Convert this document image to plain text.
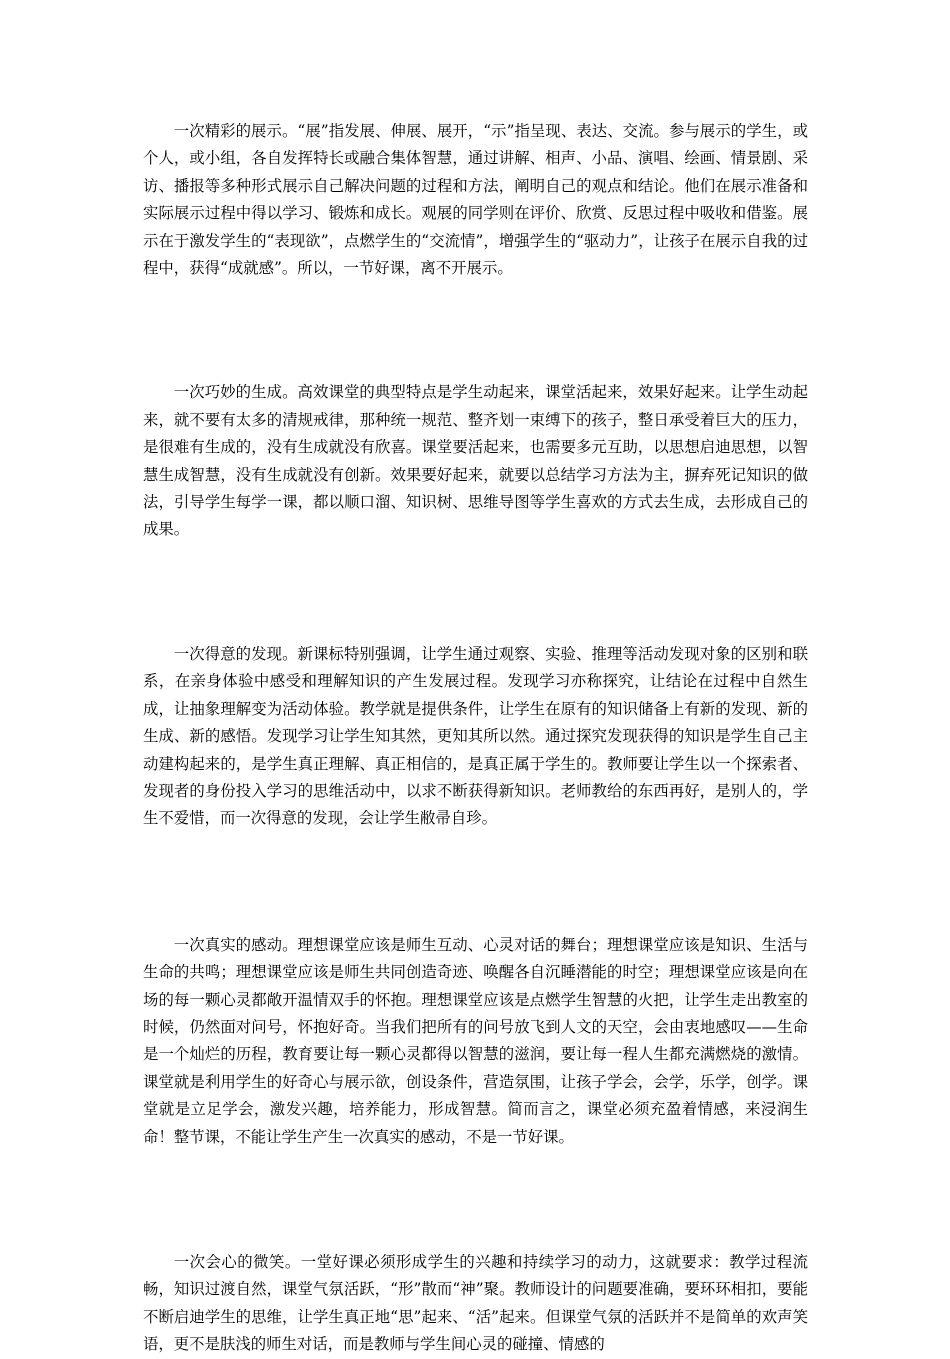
一次精彩的展示。“展”指发展、伸展、展开，“示”指呈现、表达、交流。参与展示的学生，或个人，或小组，各自发挥特长或融合集体智慧，通过讲解、相声、小品、演唱、绘画、情景剧、采访、播报等多种形式展示自己解决问题的过程和方法，阐明自己的观点和结论。他们在展示准备和实际展示过程中得以学习、锻炼和成长。观展的同学则在评价、欣赏、反思过程中吸收和借鉴。展示在于激发学生的“表现欲”，点燃学生的“交流情”，增强学生的“驱动力”，让孩子在展示自我的过程中，获得“成就感”。所以，一节好课，离不开展示。

一次巧妙的生成。高效课堂的典型特点是学生动起来，课堂活起来，效果好起来。让学生动起来，就不要有太多的清规戒律，那种统一规范、整齐划一束缚下的孩子，整日承受着巨大的压力，是很难有生成的，没有生成就没有欣喜。课堂要活起来，也需要多元互助，以思想启迪思想，以智慧生成智慧，没有生成就没有创新。效果要好起来，就要以总结学习方法为主，摒弃死记知识的做法，引导学生每学一课，都以顺口溜、知识树、思维导图等学生喜欢的方式去生成，去形成自己的成果。

一次得意的发现。新课标特别强调，让学生通过观察、实验、推理等活动发现对象的区别和联系，在亲身体验中感受和理解知识的产生发展过程。发现学习亦称探究，让结论在过程中自然生成，让抽象理解变为活动体验。教学就是提供条件，让学生在原有的知识储备上有新的发现、新的生成、新的感悟。发现学习让学生知其然，更知其所以然。通过探究发现获得的知识是学生自己主动建构起来的，是学生真正理解、真正相信的，是真正属于学生的。教师要让学生以一个探索者、发现者的身份投入学习的思维活动中，以求不断获得新知识。老师教给的东西再好，是别人的，学生不爱惜，而一次得意的发现，会让学生敝帚自珍。

一次真实的感动。理想课堂应该是师生互动、心灵对话的舞台；理想课堂应该是知识、生活与生命的共鸣；理想课堂应该是师生共同创造奇迹、唤醒各自沉睡潜能的时空；理想课堂应该是向在场的每一颗心灵都敞开温情双手的怀抱。理想课堂应该是点燃学生智慧的火把，让学生走出教室的时候，仍然面对问号，怀抱好奇。当我们把所有的问号放飞到人文的天空，会由衷地感叹——生命是一个灿烂的历程，教育要让每一颗心灵都得以智慧的滋润，要让每一程人生都充满燃烧的激情。课堂就是利用学生的好奇心与展示欲，创设条件，营造氛围，让孩子学会，会学，乐学，创学。课堂就是立足学会，激发兴趣，培养能力，形成智慧。简而言之，课堂必须充盈着情感，来浸润生命！整节课，不能让学生产生一次真实的感动，不是一节好课。

一次会心的微笑。一堂好课必须形成学生的兴趣和持续学习的动力，这就要求：教学过程流畅，知识过渡自然，课堂气氛活跃，“形”散而“神”聚。教师设计的问题要准确，要环环相扣，要能不断启迪学生的思维，让学生真正地“思”起来、“活”起来。但课堂气氛的活跃并不是简单的欢声笑语，更不是肤浅的师生对话，而是教师与学生间心灵的碰撞、情感的
